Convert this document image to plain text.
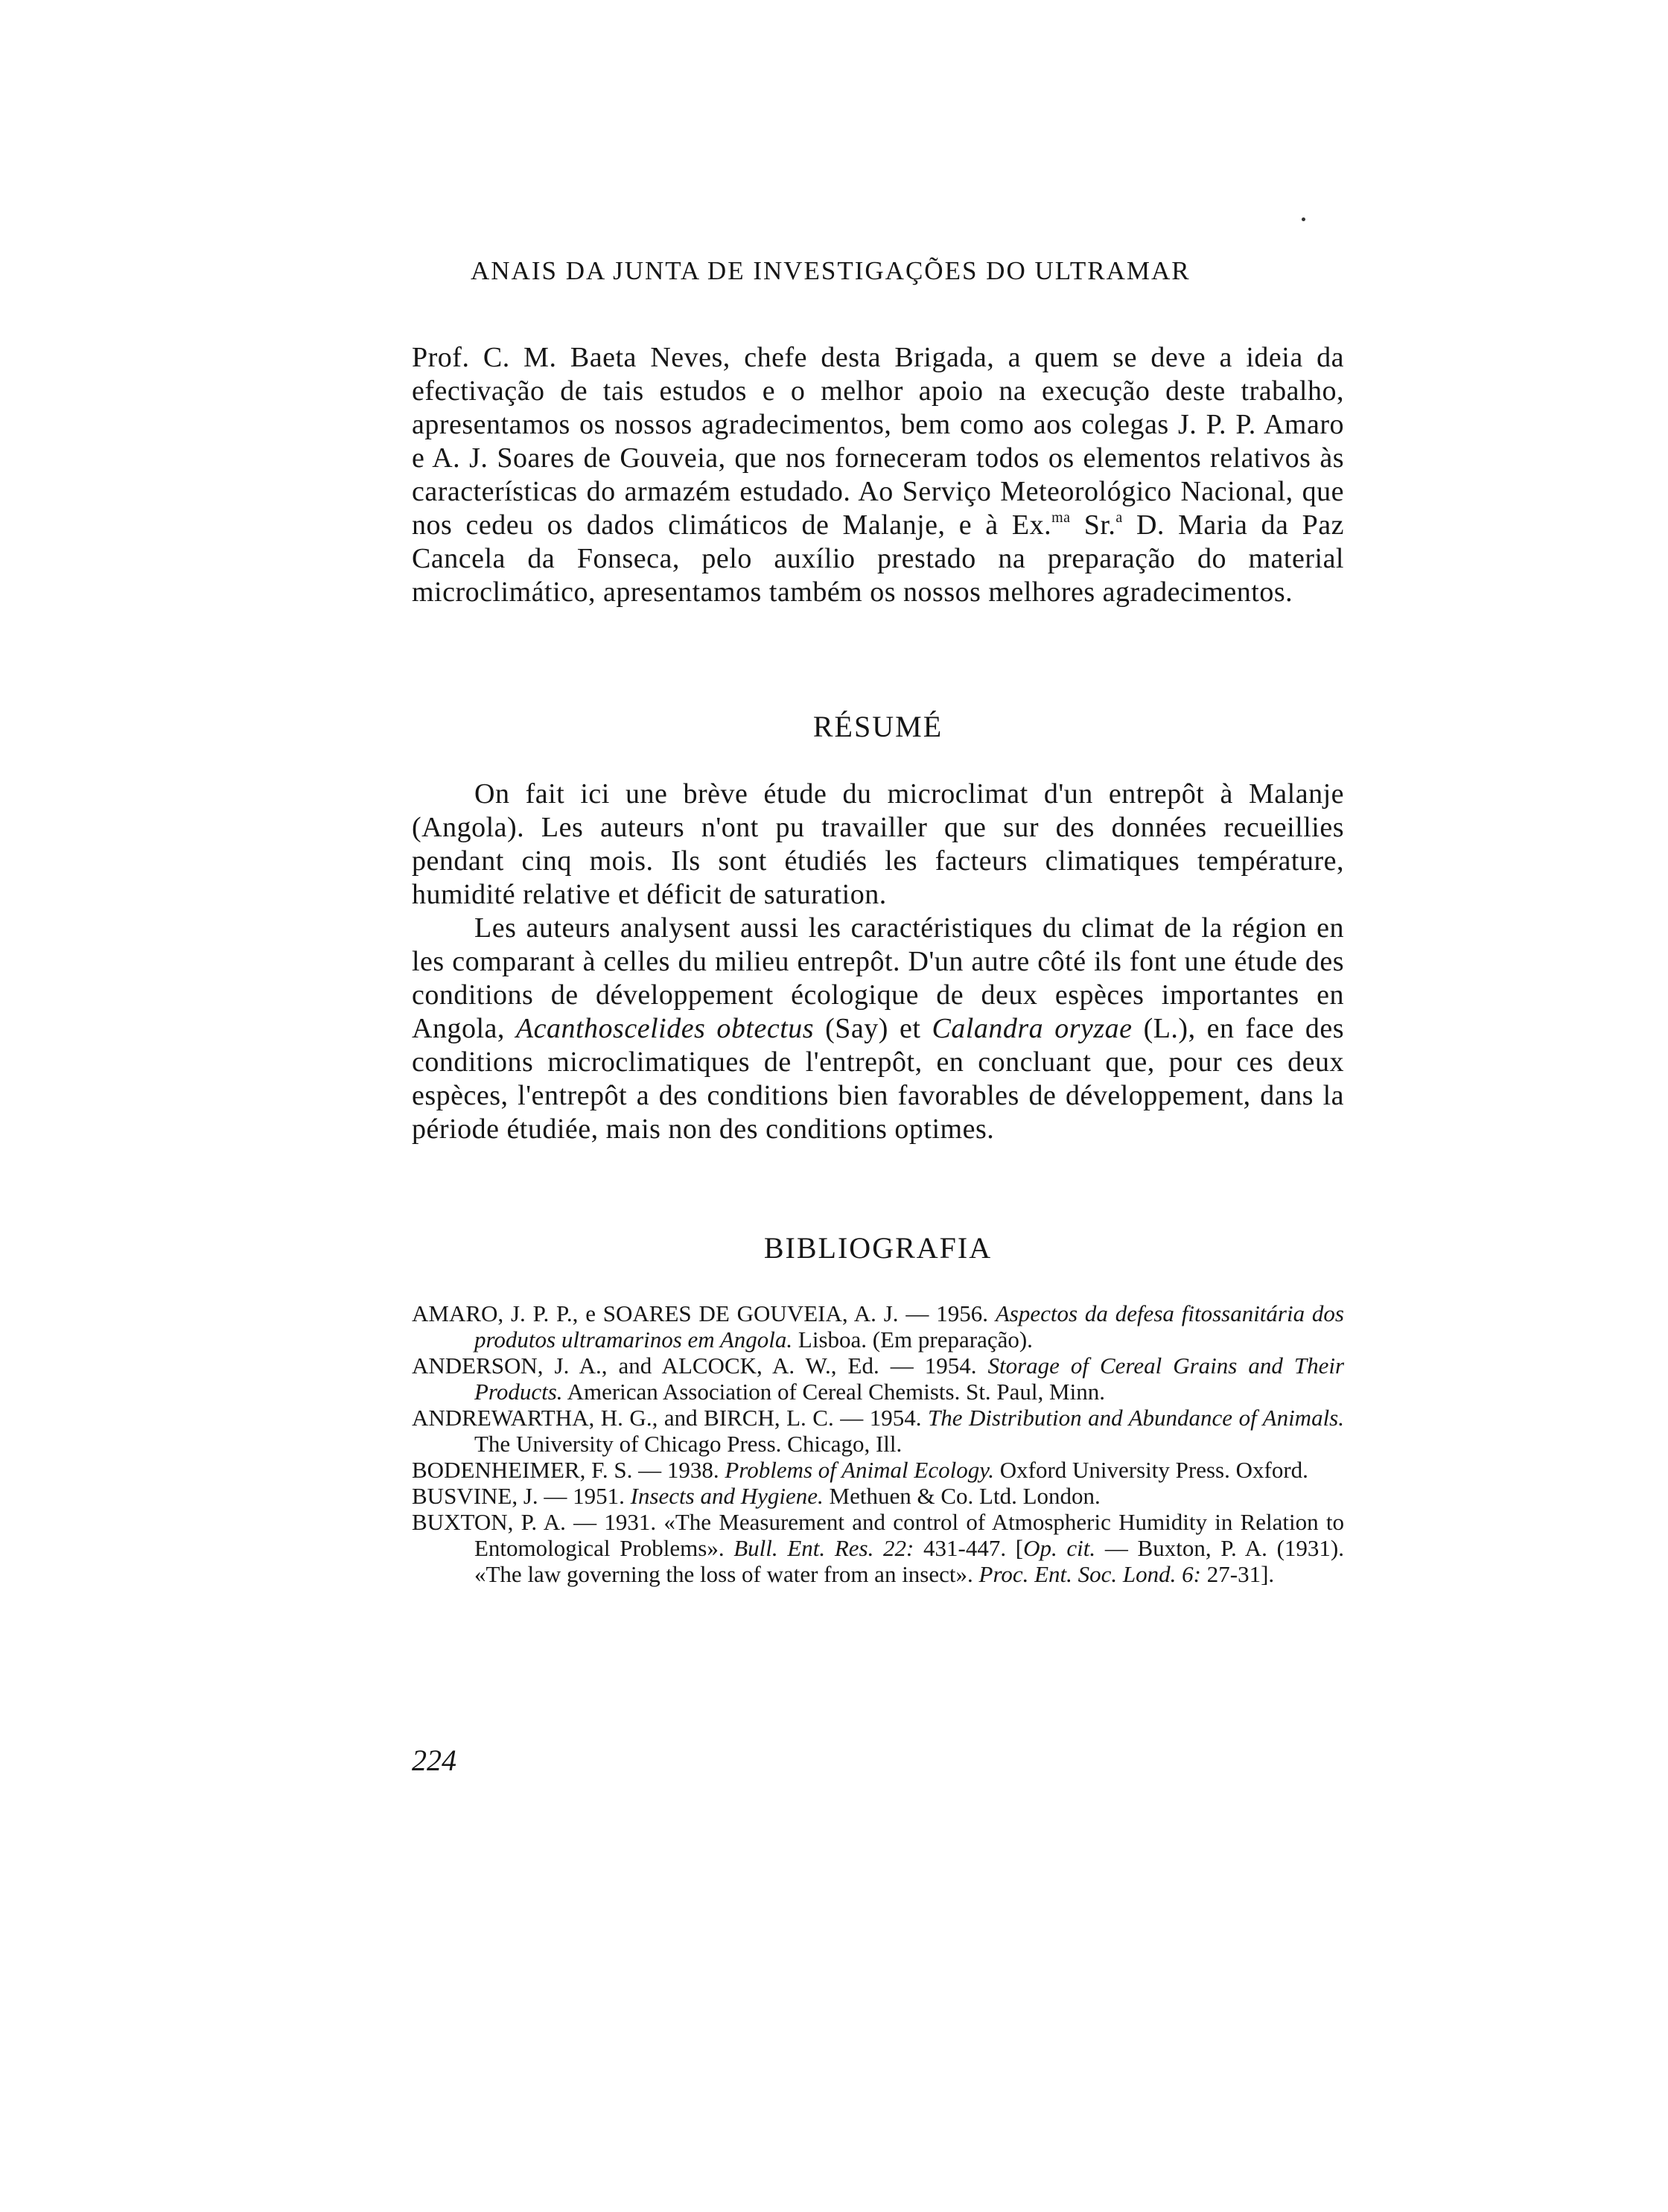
ANAIS DA JUNTA DE INVESTIGAÇÕES DO ULTRAMAR
Prof. C. M. Baeta Neves, chefe desta Brigada, a quem se deve a ideia da efectivação de tais estudos e o melhor apoio na execução deste trabalho, apresentamos os nossos agradecimentos, bem como aos colegas J. P. P. Amaro e A. J. Soares de Gouveia, que nos forneceram todos os elementos relativos às características do armazém estudado. Ao Serviço Meteorológico Nacional, que nos cedeu os dados climáticos de Malanje, e à Ex.$^{ma}$ Sr.$^a$ D. Maria da Paz Cancela da Fonseca, pelo auxílio prestado na preparação do material microclimático, apresentamos também os nossos melhores agradecimentos.
RÉSUMÉ

On fait ici une brève étude du microclimat d'un entrepôt à Malanje (Angola). Les auteurs n'ont pu travailler que sur des données recueillies pendant cinq mois. Ils sont étudiés les facteurs climatiques température, humidité relative et déficit de saturation.

Les auteurs analysent aussi les caractéristiques du climat de la région en les comparant à celles du milieu entrepôt. D'un autre côté ils font une étude des conditions de développement écologique de deux espèces importantes en Angola, Acanthoscelides obtectus (Say) et Calandra oryzae (L.), en face des conditions microclimatiques de l'entrepôt, en concluant que, pour ces deux espèces, l'entrepôt a des conditions bien favorables de développement, dans la période étudiée, mais non des conditions optimes.

BIBLIOGRAFIA

AMARO, J. P. P., e SOARES DE GOUVEIA, A. J. — 1956. Aspectos da defesa fitossanitária dos produtos ultramarinos em Angola. Lisboa. (Em preparação).

ANDERSON, J. A., and ALCOCK, A. W., Ed. — 1954. Storage of Cereal Grains and Their Products. American Association of Cereal Chemists. St. Paul, Minn.

ANDREWARTHA, H. G., and BIRCH, L. C. — 1954. The Distribution and Abundance of Animals. The University of Chicago Press. Chicago, Ill.

BODENHEIMER, F. S. — 1938. Problems of Animal Ecology. Oxford University Press. Oxford.

BUSVINE, J. — 1951. Insects and Hygiene. Methuen & Co. Ltd. London.

BUXTON, P. A. — 1931. «The Measurement and control of Atmospheric Humidity in Relation to Entomological Problems». Bull. Ent. Res. 22: 431-447. [Op. cit. — Buxton, P. A. (1931). «The law governing the loss of water from an insect». Proc. Ent. Soc. Lond. 6: 27-31].

224
